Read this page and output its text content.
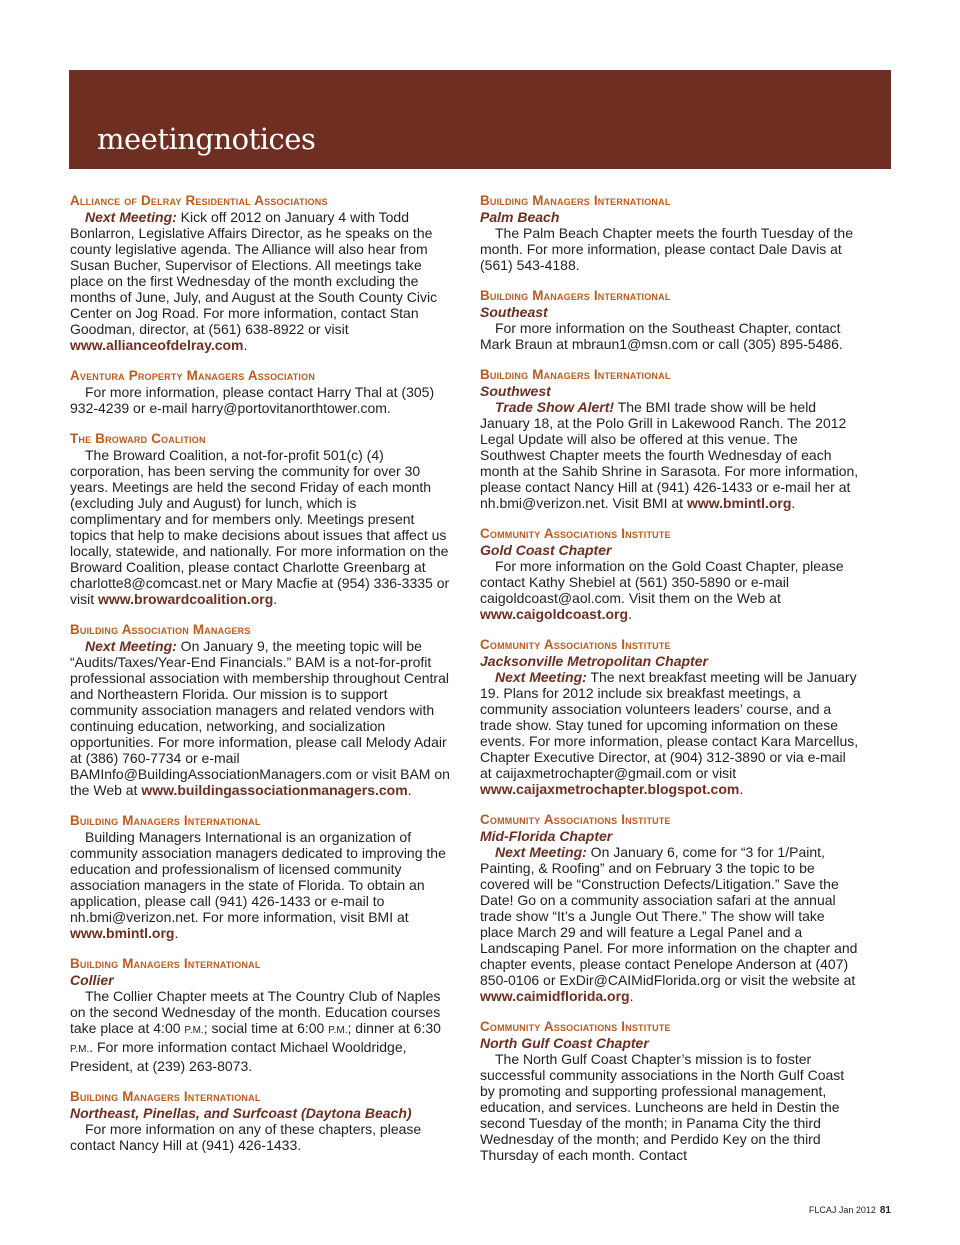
meetingnotices

Alliance of Delray Residential Associations

Next Meeting: Kick off 2012 on January 4 with Todd Bonlarron, Legislative Affairs Director, as he speaks on the county legislative agenda. The Alliance will also hear from Susan Bucher, Supervisor of Elections. All meetings take place on the first Wednesday of the month excluding the months of June, July, and August at the South County Civic Center on Jog Road. For more information, contact Stan Goodman, director, at (561) 638-8922 or visit www.allianceofdelray.com.

Aventura Property Managers Association

For more information, please contact Harry Thal at (305) 932-4239 or e-mail harry@portovitanorthtower.com.

The Broward Coalition

The Broward Coalition, a not-for-profit 501(c) (4) corporation, has been serving the community for over 30 years. Meetings are held the second Friday of each month (excluding July and August) for lunch, which is complimentary and for members only. Meetings present topics that help to make decisions about issues that affect us locally, statewide, and nationally. For more information on the Broward Coalition, please contact Charlotte Greenbarg at charlotte8@comcast.net or Mary Macfie at (954) 336-3335 or visit www.browardcoalition.org.

Building Association Managers

Next Meeting: On January 9, the meeting topic will be “Audits/Taxes/Year-End Financials.” BAM is a not-for-profit professional association with membership throughout Central and Northeastern Florida. Our mission is to support community association managers and related vendors with continuing education, networking, and socialization opportunities. For more information, please call Melody Adair at (386) 760-7734 or e-mail BAMInfo@BuildingAssociationManagers.com or visit BAM on the Web at www.buildingassociationmanagers.com.

Building Managers International

Building Managers International is an organization of community association managers dedicated to improving the education and professionalism of licensed community association managers in the state of Florida. To obtain an application, please call (941) 426-1433 or e-mail to nh.bmi@verizon.net. For more information, visit BMI at www.bmintl.org.

Building Managers International

Collier

The Collier Chapter meets at The Country Club of Naples on the second Wednesday of the month. Education courses take place at 4:00 P.M.; social time at 6:00 P.M.; dinner at 6:30 P.M.. For more information contact Michael Wooldridge, President, at (239) 263-8073.

Building Managers International

Northeast, Pinellas, and Surfcoast (Daytona Beach)

For more information on any of these chapters, please contact Nancy Hill at (941) 426-1433.

Building Managers International

Palm Beach

The Palm Beach Chapter meets the fourth Tuesday of the month. For more information, please contact Dale Davis at (561) 543-4188.

Building Managers International

Southeast

For more information on the Southeast Chapter, contact Mark Braun at mbraun1@msn.com or call (305) 895-5486.

Building Managers International

Southwest

Trade Show Alert! The BMI trade show will be held January 18, at the Polo Grill in Lakewood Ranch. The 2012 Legal Update will also be offered at this venue. The Southwest Chapter meets the fourth Wednesday of each month at the Sahib Shrine in Sarasota. For more information, please contact Nancy Hill at (941) 426-1433 or e-mail her at nh.bmi@verizon.net. Visit BMI at www.bmintl.org.

Community Associations Institute

Gold Coast Chapter

For more information on the Gold Coast Chapter, please contact Kathy Shebiel at (561) 350-5890 or e-mail caigoldcoast@aol.com. Visit them on the Web at www.caigoldcoast.org.

Community Associations Institute

Jacksonville Metropolitan Chapter

Next Meeting: The next breakfast meeting will be January 19. Plans for 2012 include six breakfast meetings, a community association volunteers leaders’ course, and a trade show. Stay tuned for upcoming information on these events. For more information, please contact Kara Marcellus, Chapter Executive Director, at (904) 312-3890 or via e-mail at caijaxmetrochapter@gmail.com or visit www.caijaxmetrochapter.blogspot.com.

Community Associations Institute

Mid-Florida Chapter

Next Meeting: On January 6, come for “3 for 1/Paint, Painting, & Roofing” and on February 3 the topic to be covered will be “Construction Defects/Litigation.” Save the Date! Go on a community association safari at the annual trade show “It’s a Jungle Out There.” The show will take place March 29 and will feature a Legal Panel and a Landscaping Panel. For more information on the chapter and chapter events, please contact Penelope Anderson at (407) 850-0106 or ExDir@CAIMidFlorida.org or visit the website at www.caimidflorida.org.

Community Associations Institute

North Gulf Coast Chapter

The North Gulf Coast Chapter’s mission is to foster successful community associations in the North Gulf Coast by promoting and supporting professional management, education, and services. Luncheons are held in Destin the second Tuesday of the month; in Panama City the third Wednesday of the month; and Perdido Key on the third Thursday of each month. Contact

FLCAJ Jan 2012 81
